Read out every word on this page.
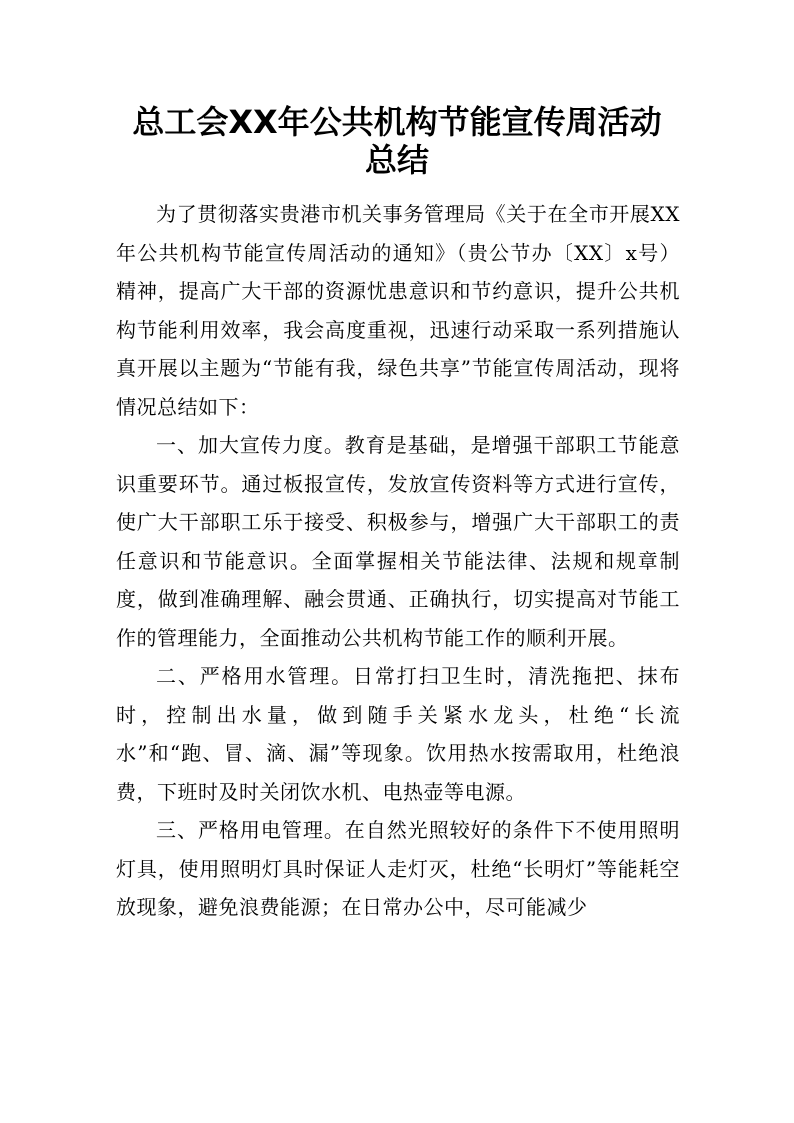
总工会XX年公共机构节能宣传周活动
总结

为了贯彻落实贵港市机关事务管理局《关于在全市开展XX年公共机构节能宣传周活动的通知》（贵公节办〔XX〕x号）精神，提高广大干部的资源忧患意识和节约意识，提升公共机构节能利用效率，我会高度重视，迅速行动采取一系列措施认真开展以主题为“节能有我，绿色共享”节能宣传周活动，现将情况总结如下：

一、加大宣传力度。教育是基础，是增强干部职工节能意识重要环节。通过板报宣传，发放宣传资料等方式进行宣传，使广大干部职工乐于接受、积极参与，增强广大干部职工的责任意识和节能意识。全面掌握相关节能法律、法规和规章制度，做到准确理解、融会贯通、正确执行，切实提高对节能工作的管理能力，全面推动公共机构节能工作的顺利开展。

二、严格用水管理。日常打扫卫生时，清洗拖把、抹布时，控制出水量，做到随手关紧水龙头，杜绝“长流水”和“跑、冒、滴、漏”等现象。饮用热水按需取用，杜绝浪费，下班时及时关闭饮水机、电热壶等电源。

三、严格用电管理。在自然光照较好的条件下不使用照明灯具，使用照明灯具时保证人走灯灭，杜绝“长明灯”等能耗空放现象，避免浪费能源；在日常办公中，尽可能减少
